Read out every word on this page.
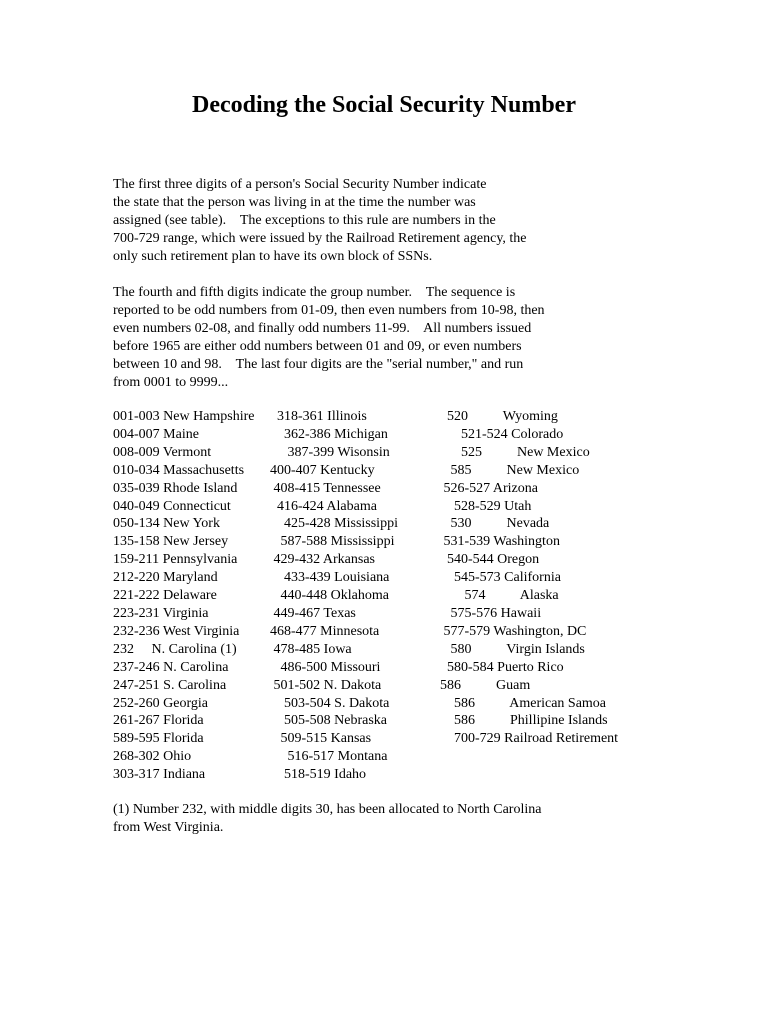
Decoding the Social Security Number
The first three digits of a person's Social Security Number indicate
the state that the person was living in at the time the number was
assigned (see table).    The exceptions to this rule are numbers in the
700-729 range, which were issued by the Railroad Retirement agency, the
only such retirement plan to have its own block of SSNs.
The fourth and fifth digits indicate the group number.    The sequence is
reported to be odd numbers from 01-09, then even numbers from 10-98, then
even numbers 02-08, and finally odd numbers 11-99.    All numbers issued
before 1965 are either odd numbers between 01 and 09, or even numbers
between 10 and 98.    The last four digits are the "serial number," and run
from 0001 to 9999...
001-003 New Hampshire
004-007 Maine
008-009 Vermont
010-034 Massachusetts
035-039 Rhode Island
040-049 Connecticut
050-134 New York
135-158 New Jersey
159-211 Pennsylvania
212-220 Maryland
221-222 Delaware
223-231 Virginia
232-236 West Virginia
232     N. Carolina (1)
237-246 N. Carolina
247-251 S. Carolina
252-260 Georgia
261-267 Florida
589-595 Florida
268-302 Ohio
303-317 Indiana
318-361 Illinois
362-386 Michigan
387-399 Wisonsin
400-407 Kentucky
408-415 Tennessee
416-424 Alabama
425-428 Mississippi
587-588 Mississippi
429-432 Arkansas
433-439 Louisiana
440-448 Oklahoma
449-467 Texas
468-477 Minnesota
478-485 Iowa
486-500 Missouri
501-502 N. Dakota
503-504 S. Dakota
505-508 Nebraska
509-515 Kansas
516-517 Montana
518-519 Idaho
520          Wyoming
521-524 Colorado
525          New Mexico
585          New Mexico
526-527 Arizona
528-529 Utah
530          Nevada
531-539 Washington
540-544 Oregon
545-573 California
574          Alaska
575-576 Hawaii
577-579 Washington, DC
580          Virgin Islands
580-584 Puerto Rico
586          Guam
586          American Samoa
586          Phillipine Islands
700-729 Railroad Retirement
(1) Number 232, with middle digits 30, has been allocated to North Carolina
from West Virginia.
